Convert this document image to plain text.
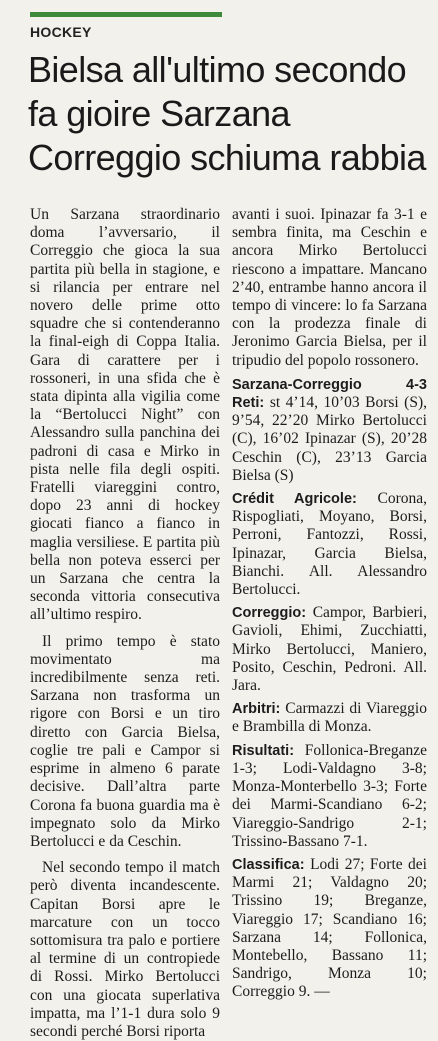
HOCKEY
Bielsa all'ultimo secondo
fa gioire Sarzana
Correggio schiuma rabbia

Un Sarzana straordinario doma l’avversario, il Correggio che gioca la sua partita più bella in stagione, e si rilancia per entrare nel novero delle prime otto squadre che si contenderanno la final-eigh di Coppa Italia. Gara di carattere per i rossoneri, in una sfida che è stata dipinta alla vigilia come la “Bertolucci Night” con Alessandro sulla panchina dei padroni di casa e Mirko in pista nelle fila degli ospiti. Fratelli viareggini contro, dopo 23 anni di hockey giocati fianco a fianco in maglia versiliese. E partita più bella non poteva esserci per un Sarzana che centra la seconda vittoria consecutiva all’ultimo respiro.

Il primo tempo è stato movimentato ma incredibilmente senza reti. Sarzana non trasforma un rigore con Borsi e un tiro diretto con Garcia Bielsa, coglie tre pali e Campor si esprime in almeno 6 parate decisive. Dall’altra parte Corona fa buona guardia ma è impegnato solo da Mirko Bertolucci e da Ceschin.

Nel secondo tempo il match però diventa incandescente. Capitan Borsi apre le marcature con un tocco sottomisura tra palo e portiere al termine di un contropiede di Rossi. Mirko Bertolucci con una giocata superlativa impatta, ma l’1-1 dura solo 9 secondi perché Borsi riporta

avanti i suoi. Ipinazar fa 3-1 e sembra finita, ma Ceschin e ancora Mirko Bertolucci riescono a impattare. Mancano 2’40, entrambe hanno ancora il tempo di vincere: lo fa Sarzana con la prodezza finale di Jeronimo Garcia Bielsa, per il tripudio del popolo rossonero.

Sarzana-Correggio	4-3
Reti: st 4’14, 10’03 Borsi (S), 9’54, 22’20 Mirko Bertolucci (C), 16’02 Ipinazar (S), 20’28 Ceschin (C), 23’13 Garcia Bielsa (S)
Crédit Agricole: Corona, Rispogliati, Moyano, Borsi, Perroni, Fantozzi, Rossi, Ipinazar, Garcia Bielsa, Bianchi. All. Alessandro Bertolucci.
Correggio: Campor, Barbieri, Gavioli, Ehimi, Zucchiatti, Mirko Bertolucci, Maniero, Posito, Ceschin, Pedroni. All. Jara.
Arbitri: Carmazzi di Viareggio e Brambilla di Monza.
Risultati: Follonica-Breganze 1-3; Lodi-Valdagno 3-8; Monza-Monterbello 3-3; Forte dei Marmi-Scandiano 6-2; Viareggio-Sandrigo 2-1; Trissino-Bassano 7-1.
Classifica: Lodi 27; Forte dei Marmi 21; Valdagno 20; Trissino 19; Breganze, Viareggio 17; Scandiano 16; Sarzana 14; Follonica, Montebello, Bassano 11; Sandrigo, Monza 10; Correggio 9. —
